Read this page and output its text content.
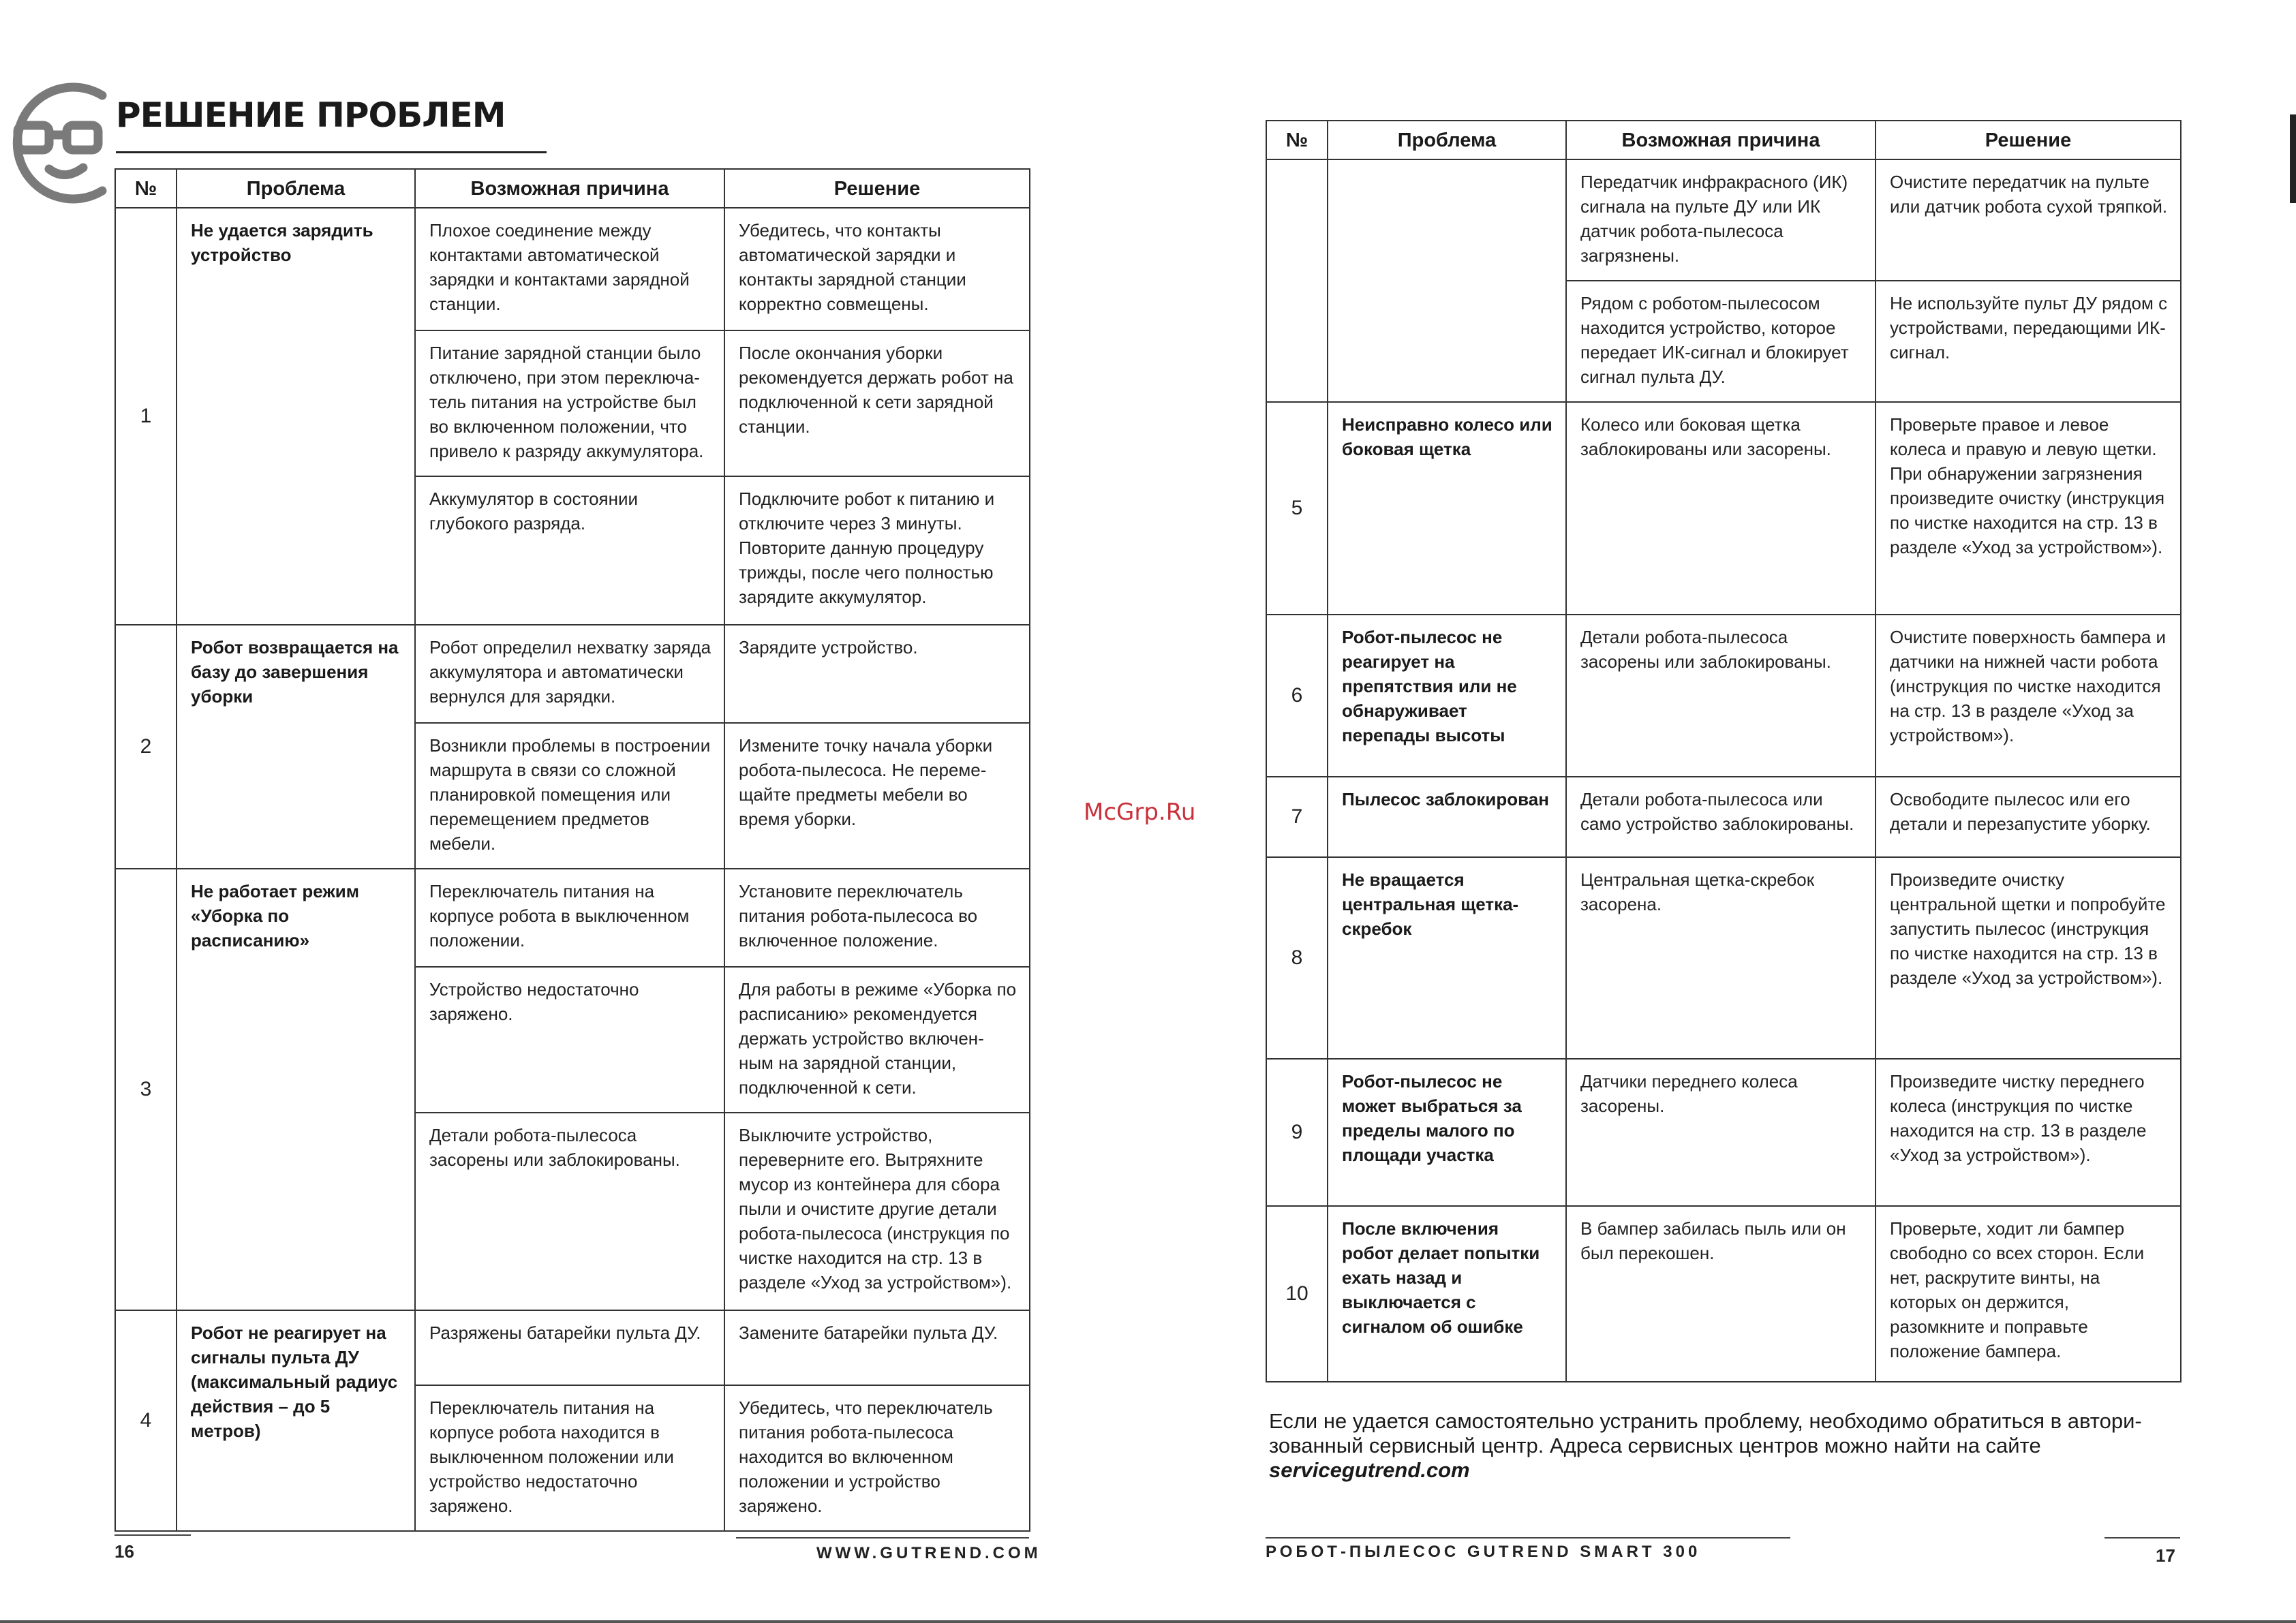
РЕШЕНИЕ ПРОБЛЕМ
№	Проблема	Возможная причина	Решение
1	Не удается зарядить устройство	Плохое соединение между контактами автоматической зарядки и контактами зарядной станции.	Убедитесь, что контакты автоматической зарядки и контакты зарядной станции корректно совмещены.
		Питание зарядной станции было отключено, при этом переключа-тель питания на устройстве был во включенном положении, что привело к разряду аккумулятора.	После окончания уборки рекомендуется держать робот на подключенной к сети зарядной станции.
		Аккумулятор в состоянии глубокого разряда.	Подключите робот к питанию и отключите через 3 минуты. Повторите данную процедуру трижды, после чего полностью зарядите аккумулятор.
2	Робот возвращается на базу до завершения уборки	Робот определил нехватку заряда аккумулятора и автоматически вернулся для зарядки.	Зарядите устройство.
		Возникли проблемы в построении маршрута в связи со сложной планировкой помещения или перемещением предметов мебели.	Измените точку начала уборки робота-пылесоса. Не переме-щайте предметы мебели во время уборки.
3	Не работает режим «Уборка по расписанию»	Переключатель питания на корпусе робота в выключенном положении.	Установите переключатель питания робота-пылесоса во включенное положение.
		Устройство недостаточно заряжено.	Для работы в режиме «Уборка по расписанию» рекомендуется держать устройство включен-ным на зарядной станции, подключенной к сети.
		Детали робота-пылесоса засорены или заблокированы.	Выключите устройство, переверните его. Вытряхните мусор из контейнера для сбора пыли и очистите другие детали робота-пылесоса (инструкция по чистке находится на стр. 13 в разделе «Уход за устройством»).
4	Робот не реагирует на сигналы пульта ДУ (максимальный радиус действия – до 5 метров)	Разряжены батарейки пульта ДУ.	Замените батарейки пульта ДУ.
		Переключатель питания на корпусе робота находится в выключенном положении или устройство недостаточно заряжено.	Убедитесь, что переключатель питания робота-пылесоса находится во включенном положении и устройство заряжено.
№	Проблема	Возможная причина	Решение
		Передатчик инфракрасного (ИК) сигнала на пульте ДУ или ИК датчик робота-пылесоса загрязнены.	Очистите передатчик на пульте или датчик робота сухой тряпкой.
		Рядом с роботом-пылесосом находится устройство, которое передает ИК-сигнал и блокирует сигнал пульта ДУ.	Не используйте пульт ДУ рядом с устройствами, передающими ИК-сигнал.
5	Неисправно колесо или боковая щетка	Колесо или боковая щетка заблокированы или засорены.	Проверьте правое и левое колеса и правую и левую щетки. При обнаружении загрязнения произведите очистку (инструкция по чистке находится на стр. 13 в разделе «Уход за устройством»).
6	Робот-пылесос не реагирует на препятствия или не обнаруживает перепады высоты	Детали робота-пылесоса засорены или заблокированы.	Очистите поверхность бампера и датчики на нижней части робота (инструкция по чистке находится на стр. 13 в разделе «Уход за устройством»).
7	Пылесос заблокирован	Детали робота-пылесоса или само устройство заблокированы.	Освободите пылесос или его детали и перезапустите уборку.
8	Не вращается центральная щетка-скребок	Центральная щетка-скребок засорена.	Произведите очистку центральной щетки и попробуйте запустить пылесос (инструкция по чистке находится на стр. 13 в разделе «Уход за устройством»).
9	Робот-пылесос не может выбраться за пределы малого по площади участка	Датчики переднего колеса засорены.	Произведите чистку переднего колеса (инструкция по чистке находится на стр. 13 в разделе «Уход за устройством»).
10	После включения робот делает попытки ехать назад и выключается с сигналом об ошибке	В бампер забилась пыль или он был перекошен.	Проверьте, ходит ли бампер свободно со всех сторон. Если нет, раскрутите винты, на которых он держится, разомкните и поправьте положение бампера.
McGrp.Ru
Если не удается самостоятельно устранить проблему, необходимо обратиться в автори-зованный сервисный центр. Адреса сервисных центров можно найти на сайте
servicegutrend.com
16	WWW.GUTREND.COM	РОБОТ-ПЫЛЕСОС GUTREND SMART 300	17
